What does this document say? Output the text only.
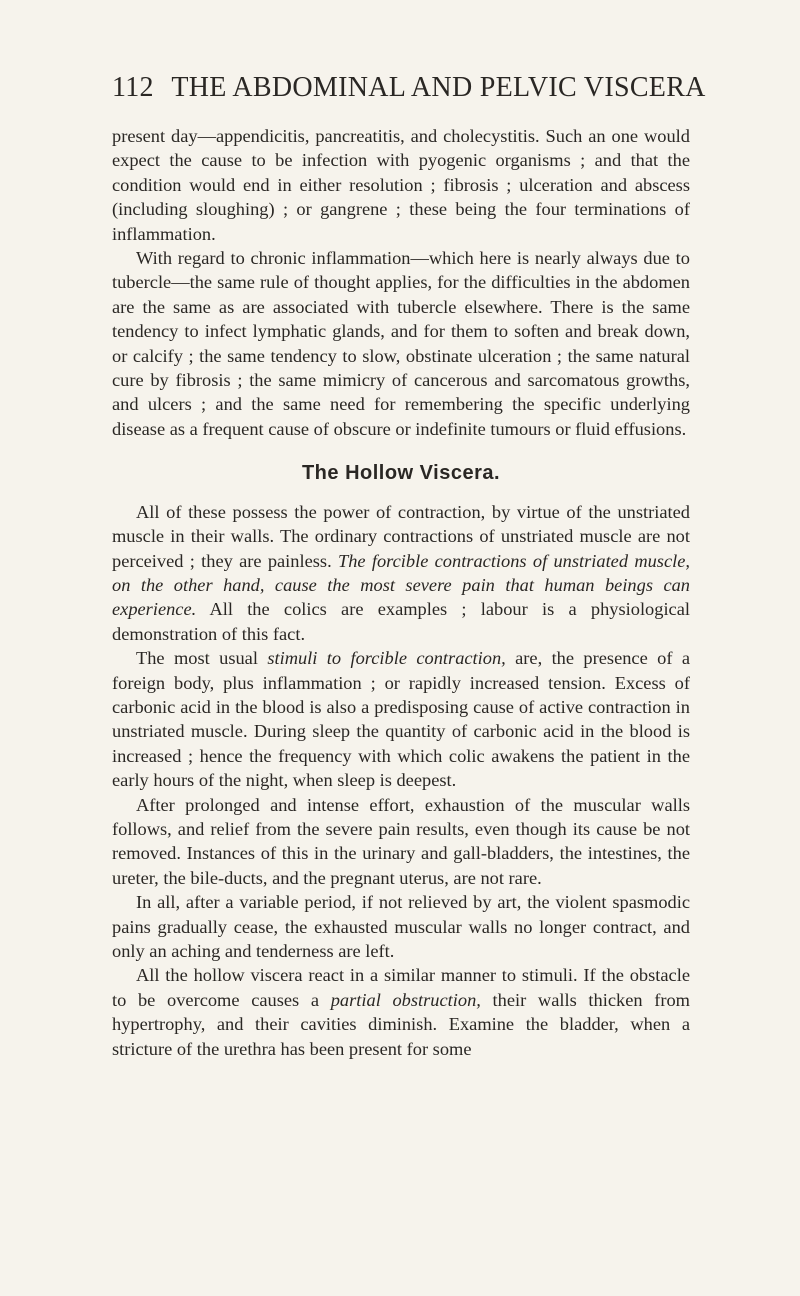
112 THE ABDOMINAL AND PELVIC VISCERA

present day—appendicitis, pancreatitis, and cholecystitis. Such an one would expect the cause to be infection with pyogenic organisms ; and that the condition would end in either resolution ; fibrosis ; ulceration and abscess (including sloughing) ; or gangrene ; these being the four terminations of inflammation.

With regard to chronic inflammation—which here is nearly always due to tubercle—the same rule of thought applies, for the difficulties in the abdomen are the same as are associated with tubercle elsewhere. There is the same tendency to infect lymphatic glands, and for them to soften and break down, or calcify ; the same tendency to slow, obstinate ulceration ; the same natural cure by fibrosis ; the same mimicry of cancerous and sarcomatous growths, and ulcers ; and the same need for remembering the specific underlying disease as a frequent cause of obscure or indefinite tumours or fluid effusions.

The Hollow Viscera.

All of these possess the power of contraction, by virtue of the unstriated muscle in their walls. The ordinary contractions of unstriated muscle are not perceived ; they are painless. The forcible contractions of unstriated muscle, on the other hand, cause the most severe pain that human beings can experience. All the colics are examples ; labour is a physiological demonstration of this fact.

The most usual stimuli to forcible contraction, are, the presence of a foreign body, plus inflammation ; or rapidly increased tension. Excess of carbonic acid in the blood is also a predisposing cause of active contraction in unstriated muscle. During sleep the quantity of carbonic acid in the blood is increased ; hence the frequency with which colic awakens the patient in the early hours of the night, when sleep is deepest.

After prolonged and intense effort, exhaustion of the muscular walls follows, and relief from the severe pain results, even though its cause be not removed. Instances of this in the urinary and gall-bladders, the intestines, the ureter, the bile-ducts, and the pregnant uterus, are not rare.

In all, after a variable period, if not relieved by art, the violent spasmodic pains gradually cease, the exhausted muscular walls no longer contract, and only an aching and tenderness are left.

All the hollow viscera react in a similar manner to stimuli. If the obstacle to be overcome causes a partial obstruction, their walls thicken from hypertrophy, and their cavities diminish. Examine the bladder, when a stricture of the urethra has been present for some
